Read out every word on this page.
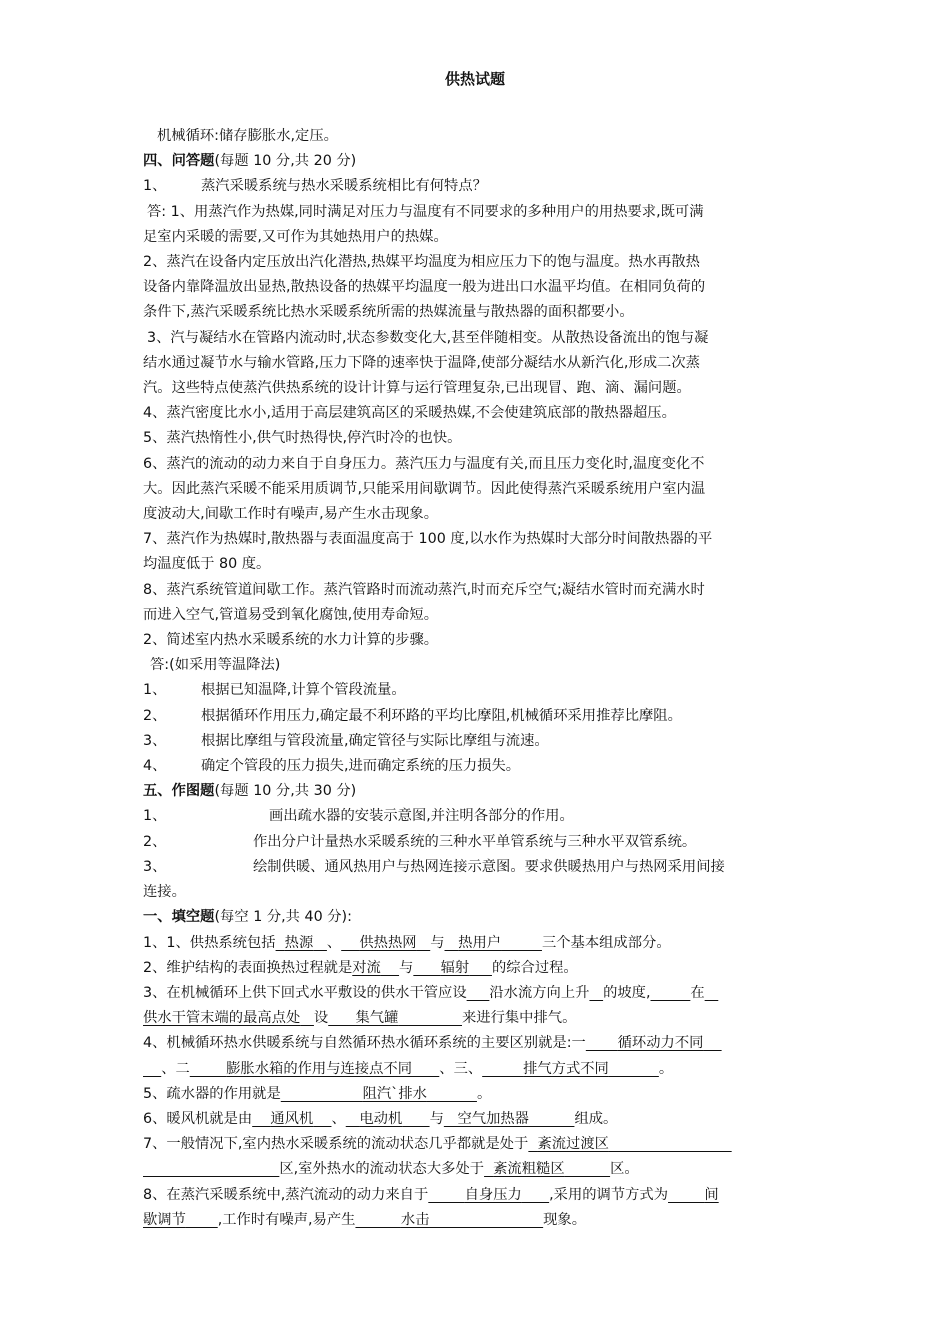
供热试题

机械循环:储存膨胀水,定压。

四、问答题(每题 10 分,共 20 分)

1、 蒸汽采暖系统与热水采暖系统相比有何特点？

答: 1、用蒸汽作为热媒,同时满足对压力与温度有不同要求的多种用户的用热要求,既可满

足室内采暖的需要,又可作为其她热用户的热媒。

2、蒸汽在设备内定压放出汽化潜热,热媒平均温度为相应压力下的饱与温度。热水再散热

设备内靠降温放出显热,散热设备的热媒平均温度一般为进出口水温平均值。在相同负荷的

条件下,蒸汽采暖系统比热水采暖系统所需的热媒流量与散热器的面积都要小。

3、汽与凝结水在管路内流动时,状态参数变化大,甚至伴随相变。从散热设备流出的饱与凝

结水通过凝节水与输水管路,压力下降的速率快于温降,使部分凝结水从新汽化,形成二次蒸

汽。这些特点使蒸汽供热系统的设计计算与运行管理复杂,已出现冒、跑、滴、漏问题。

4、蒸汽密度比水小,适用于高层建筑高区的采暖热媒,不会使建筑底部的散热器超压。

5、蒸汽热惰性小,供气时热得快,停汽时冷的也快。

6、蒸汽的流动的动力来自于自身压力。蒸汽压力与温度有关,而且压力变化时,温度变化不

大。因此蒸汽采暖不能采用质调节,只能采用间歇调节。因此使得蒸汽采暖系统用户室内温

度波动大,间歇工作时有噪声,易产生水击现象。

7、蒸汽作为热媒时,散热器与表面温度高于 100 度,以水作为热媒时大部分时间散热器的平

均温度低于 80 度。

8、蒸汽系统管道间歇工作。蒸汽管路时而流动蒸汽,时而充斥空气;凝结水管时而充满水时

而进入空气,管道易受到氧化腐蚀,使用寿命短。

2、简述室内热水采暖系统的水力计算的步骤。

答:(如采用等温降法)

1、 根据已知温降,计算个管段流量。

2、 根据循环作用压力,确定最不利环路的平均比摩阻,机械循环采用推荐比摩阻。

3、 根据比摩组与管段流量,确定管径与实际比摩组与流速。

4、 确定个管段的压力损失,进而确定系统的压力损失。

五、作图题(每题 10 分,共 30 分)

1、	画出疏水器的安装示意图,并注明各部分的作用。

2、	作出分户计量热水采暖系统的三种水平单管系统与三种水平双管系统。

3、	绘制供暖、通风热用户与热网连接示意图。要求供暖热用户与热网采用间接

连接。

一、填空题(每空 1 分,共 40 分):

1、1、供热系统包括 热源 、 供热热网 与 热用户	三个基本组成部分。

2、维护结构的表面换热过程就是对流 与 辐射 的综合过程。

3、在机械循环上供下回式水平敷设的供水干管应设 沿水流方向上升 的坡度,	在

供水干管末端的最高点处 设 集气罐	来进行集中排气。

4、机械循环热水供暖系统与自然循环热水循环系统的主要区别就是:一 循环动力不同

、二	膨胀水箱的作用与连接点不同 、三、	排气方式不同	。

5、疏水器的作用就是	阻汽`排水	。

6、暖风机就是由 通风机 、 电动机 与 空气加热器	组成。

7、一般情况下,室内热水采暖系统的流动状态几乎都就是处于 紊流过渡区

区,室外热水的流动状态大多处于 紊流粗糙区	区。

8、在蒸汽采暖系统中,蒸汽流动的动力来自于	自身压力 ,采用的调节方式为	间

歇调节 ,工作时有噪声,易产生	水击	现象。
